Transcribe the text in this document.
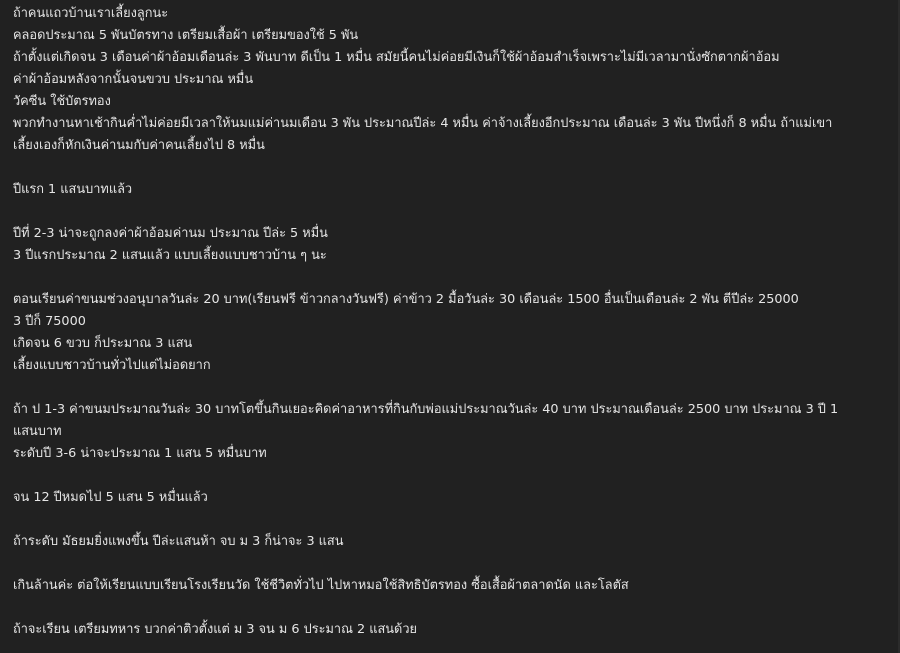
ถ้าคนแถวบ้านเราเลี้ยงลูกนะ
คลอดประมาณ 5 พันบัตรทาง เตรียมเสื้อผ้า เตรียมของใช้ 5 พัน
ถ้าตั้งแต่เกิดจน 3 เดือนค่าผ้าอ้อมเดือนล่ะ 3 พันบาท ดีเป็น 1 หมื่น สมัยนี้คนไม่ค่อยมีเงินก็ใช้ผ้าอ้อมสำเร็จเพราะไม่มีเวลามานั่งซักตากผ้าอ้อม
ค่าผ้าอ้อมหลังจากนั้นจนขวบ ประมาณ หมื่น
วัคซีน ใช้บัตรทอง
พวกทำงานหาเช้ากินค่ำไม่ค่อยมีเวลาให้นมแม่ค่านมเดือน 3 พัน ประมาณปีล่ะ 4 หมื่น ค่าจ้างเลี้ยงอีกประมาณ เดือนล่ะ 3 พัน ปีหนึ่งก็ 8 หมื่น ถ้าแม่เขา
เลี้ยงเองก็หักเงินค่านมกับค่าคนเลี้ยงไป 8 หมื่น
ปีแรก 1 แสนบาทแล้ว
ปีที่ 2-3 น่าจะถูกลงค่าผ้าอ้อมค่านม ประมาณ ปีล่ะ 5 หมื่น
3 ปีแรกประมาณ 2 แสนแล้ว แบบเลี้ยงแบบชาวบ้าน ๆ นะ
ตอนเรียนค่าขนมช่วงอนุบาลวันล่ะ 20 บาท(เรียนฟรี ข้าวกลางวันฟรี) ค่าข้าว 2 มื้อวันล่ะ 30 เดือนล่ะ 1500 อื่นเป็นเดือนล่ะ 2 พัน ตีปีล่ะ 25000
3 ปีก็ 75000
เกิดจน 6 ขวบ ก็ประมาณ 3 แสน
เลี้ยงแบบชาวบ้านทั่วไปแต่ไม่อดยาก
ถ้า ป 1-3 ค่าขนมประมาณวันล่ะ 30 บาทโตขึ้นกินเยอะคิดค่าอาหารที่กินกับพ่อแม่ประมาณวันล่ะ 40 บาท ประมาณเดือนล่ะ 2500 บาท ประมาณ 3 ปี 1
แสนบาท
ระดับปี 3-6 น่าจะประมาณ 1 แสน 5 หมื่นบาท
จน 12 ปีหมดไป 5 แสน 5 หมื่นแล้ว
ถ้าระดับ มัธยมยิ่งแพงขึ้น ปีล่ะแสนห้า จบ ม 3 ก็น่าจะ 3 แสน
เกินล้านค่ะ ต่อให้เรียนแบบเรียนโรงเรียนวัด ใช้ชีวิตทั่วไป ไปหาหมอใช้สิทธิบัตรทอง ซื้อเสื้อผ้าตลาดนัด และโลตัส
ถ้าจะเรียน เตรียมทหาร บวกค่าติวตั้งแต่ ม 3 จน ม 6 ประมาณ 2 แสนด้วย
